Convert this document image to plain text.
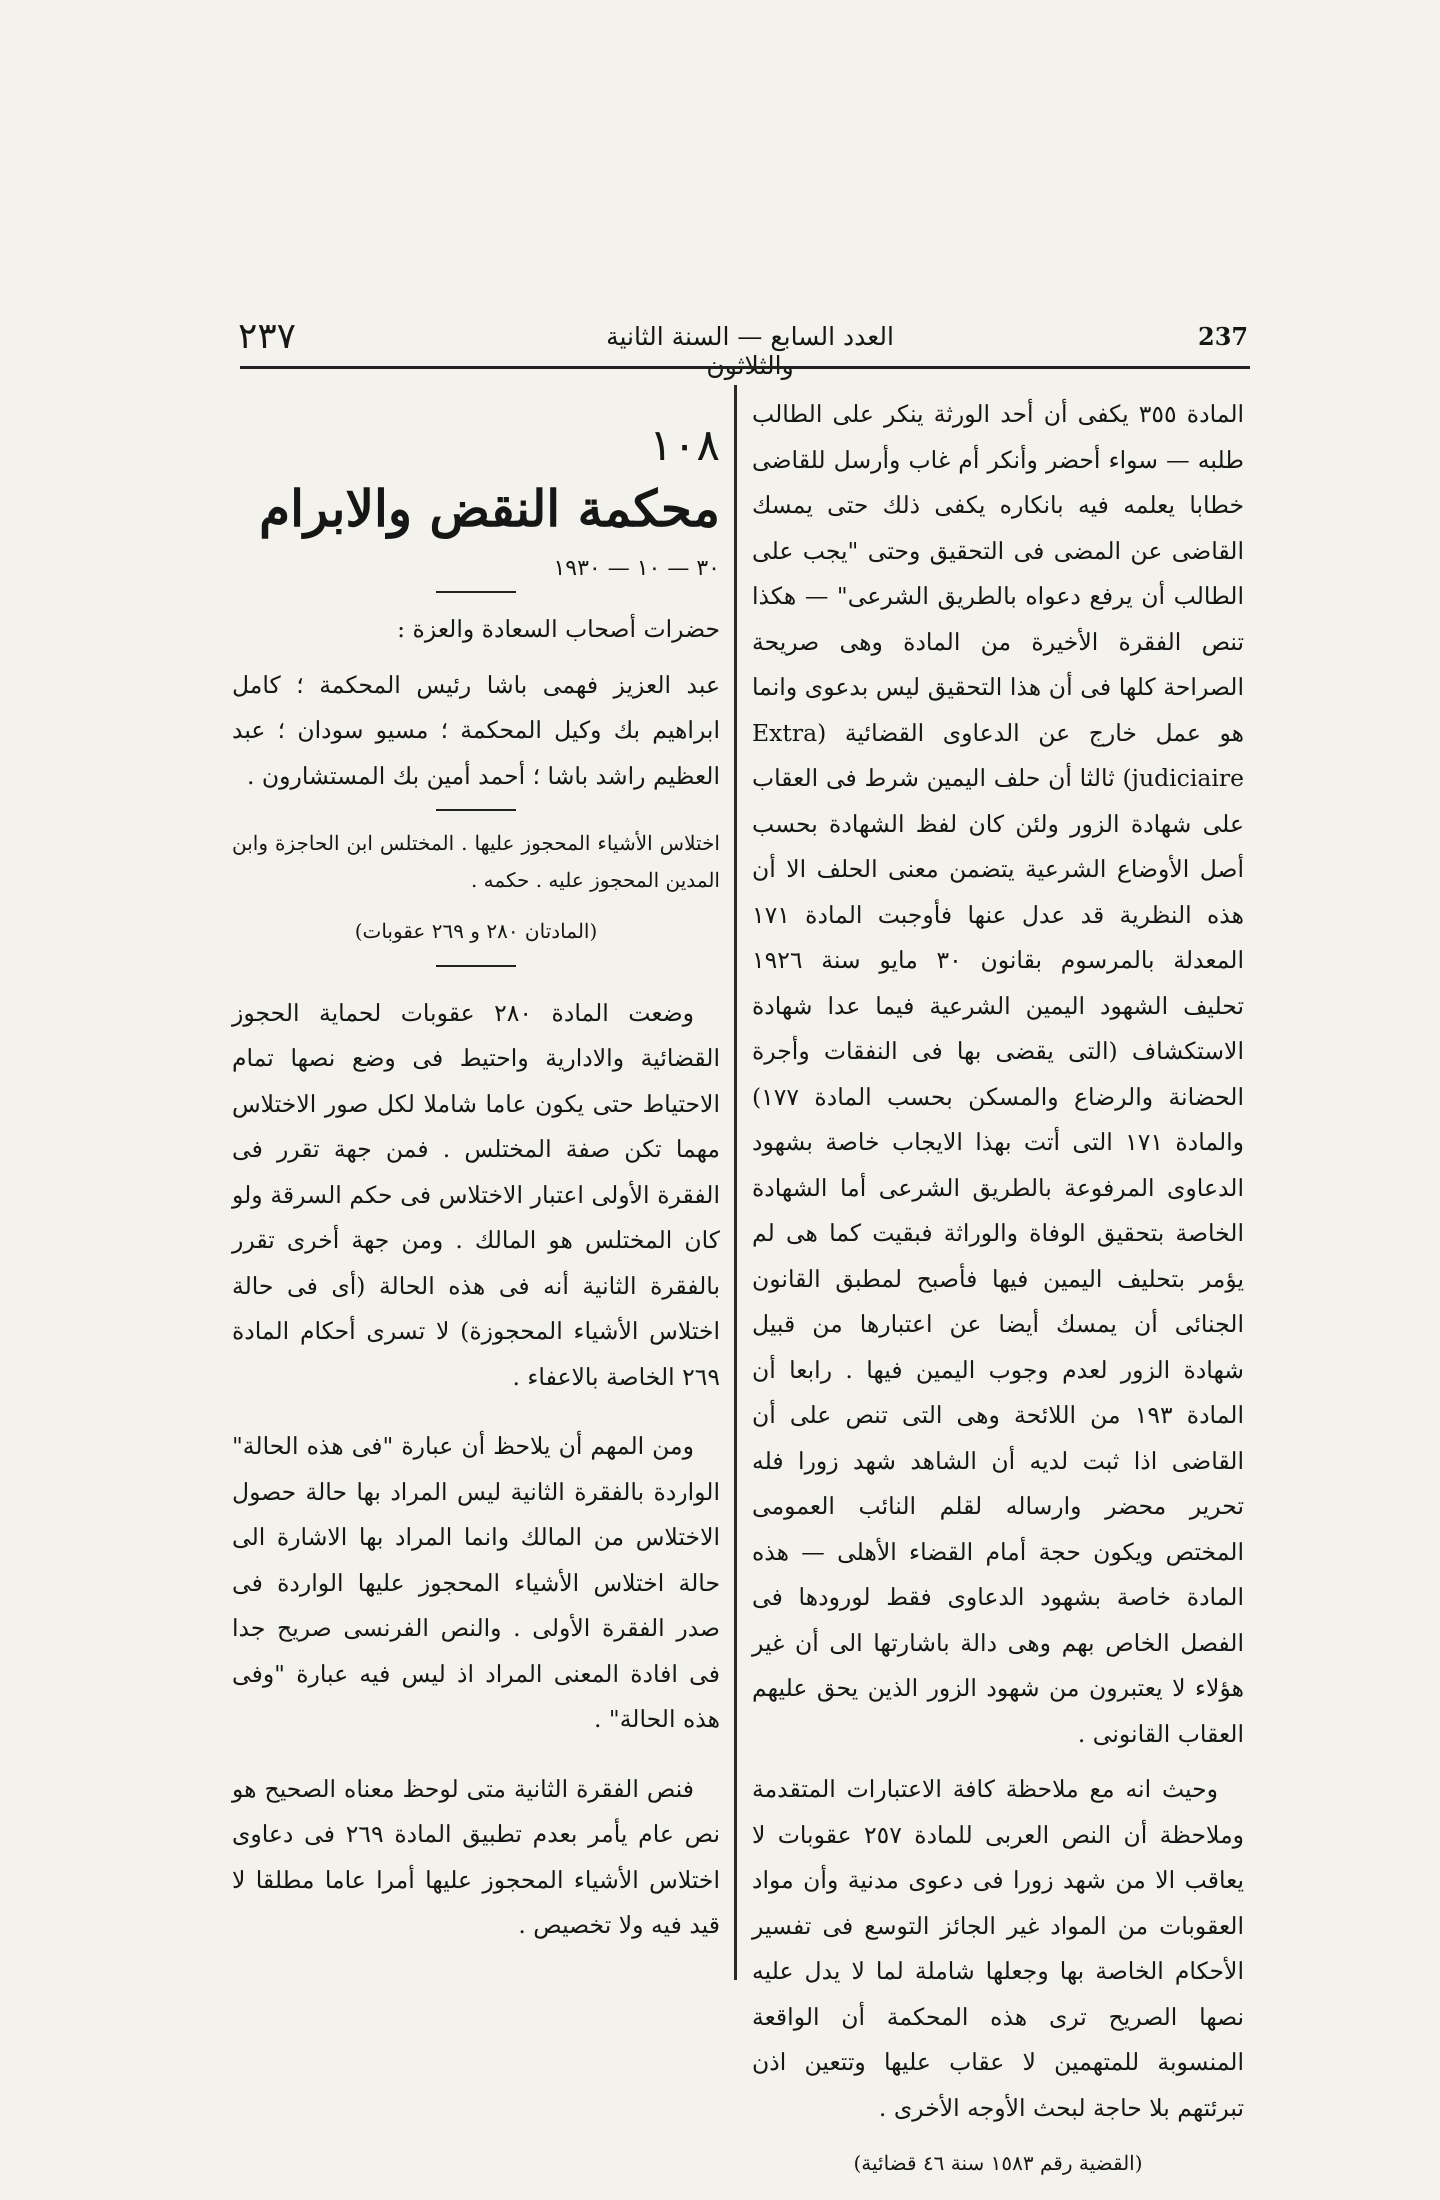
٢٣٧	العدد السابع — السنة الثانية والثلاثون
237

المادة ٣٥٥ يكفى أن أحد الورثة ينكر على الطالب طلبه — سواء أحضر وأنكر أم غاب وأرسل للقاضى خطابا يعلمه فيه بانكاره يكفى ذلك حتى يمسك القاضى عن المضى فى التحقيق وحتى "يجب على الطالب أن يرفع دعواه بالطريق الشرعى" — هكذا تنص الفقرة الأخيرة من المادة وهى صريحة الصراحة كلها فى أن هذا التحقيق ليس بدعوى وانما هو عمل خارج عن الدعاوى القضائية (Extra judiciaire) ثالثا أن حلف اليمين شرط فى العقاب على شهادة الزور ولئن كان لفظ الشهادة بحسب أصل الأوضاع الشرعية يتضمن معنى الحلف الا أن هذه النظرية قد عدل عنها فأوجبت المادة ١٧١ المعدلة بالمرسوم بقانون ٣٠ مايو سنة ١٩٢٦ تحليف الشهود اليمين الشرعية فيما عدا شهادة الاستكشاف (التى يقضى بها فى النفقات وأجرة الحضانة والرضاع والمسكن بحسب المادة ١٧٧) والمادة ١٧١ التى أتت بهذا الايجاب خاصة بشهود الدعاوى المرفوعة بالطريق الشرعى أما الشهادة الخاصة بتحقيق الوفاة والوراثة فبقيت كما هى لم يؤمر بتحليف اليمين فيها فأصبح لمطبق القانون الجنائى أن يمسك أيضا عن اعتبارها من قبيل شهادة الزور لعدم وجوب اليمين فيها . رابعا أن المادة ١٩٣ من اللائحة وهى التى تنص على أن القاضى اذا ثبت لديه أن الشاهد شهد زورا فله تحرير محضر وارساله لقلم النائب العمومى المختص ويكون حجة أمام القضاء الأهلى — هذه المادة خاصة بشهود الدعاوى فقط لورودها فى الفصل الخاص بهم وهى دالة باشارتها الى أن غير هؤلاء لا يعتبرون من شهود الزور الذين يحق عليهم العقاب القانونى .

وحيث انه مع ملاحظة كافة الاعتبارات المتقدمة وملاحظة أن النص العربى للمادة ٢٥٧ عقوبات لا يعاقب الا من شهد زورا فى دعوى مدنية وأن مواد العقوبات من المواد غير الجائز التوسع فى تفسير الأحكام الخاصة بها وجعلها شاملة لما لا يدل عليه نصها الصريح ترى هذه المحكمة أن الواقعة المنسوبة للمتهمين لا عقاب عليها وتتعين اذن تبرئتهم بلا حاجة لبحث الأوجه الأخرى .

(القضية رقم ١٥٨٣ سنة ٤٦ قضائية)

١٠٨
محكمة النقض والابرام
٣٠ — ١٠ — ١٩٣٠

حضرات أصحاب السعادة والعزة :

عبد العزيز فهمى باشا رئيس المحكمة ؛ كامل ابراهيم بك وكيل المحكمة ؛ مسيو سودان ؛ عبد العظيم راشد باشا ؛ أحمد أمين بك المستشارون .

اختلاس الأشياء المحجوز عليها . المختلس ابن الحاجزة وابن المدين المحجوز عليه . حكمه .

(المادتان ٢٨٠ و ٢٦٩ عقوبات)

وضعت المادة ٢٨٠ عقوبات لحماية الحجوز القضائية والادارية واحتيط فى وضع نصها تمام الاحتياط حتى يكون عاما شاملا لكل صور الاختلاس مهما تكن صفة المختلس . فمن جهة تقرر فى الفقرة الأولى اعتبار الاختلاس فى حكم السرقة ولو كان المختلس هو المالك . ومن جهة أخرى تقرر بالفقرة الثانية أنه فى هذه الحالة (أى فى حالة اختلاس الأشياء المحجوزة) لا تسرى أحكام المادة ٢٦٩ الخاصة بالاعفاء .

ومن المهم أن يلاحظ أن عبارة "فى هذه الحالة" الواردة بالفقرة الثانية ليس المراد بها حالة حصول الاختلاس من المالك وانما المراد بها الاشارة الى حالة اختلاس الأشياء المحجوز عليها الواردة فى صدر الفقرة الأولى . والنص الفرنسى صريح جدا فى افادة المعنى المراد اذ ليس فيه عبارة "وفى هذه الحالة" .

فنص الفقرة الثانية متى لوحظ معناه الصحيح هو نص عام يأمر بعدم تطبيق المادة ٢٦٩ فى دعاوى اختلاس الأشياء المحجوز عليها أمرا عاما مطلقا لا قيد فيه ولا تخصيص .
